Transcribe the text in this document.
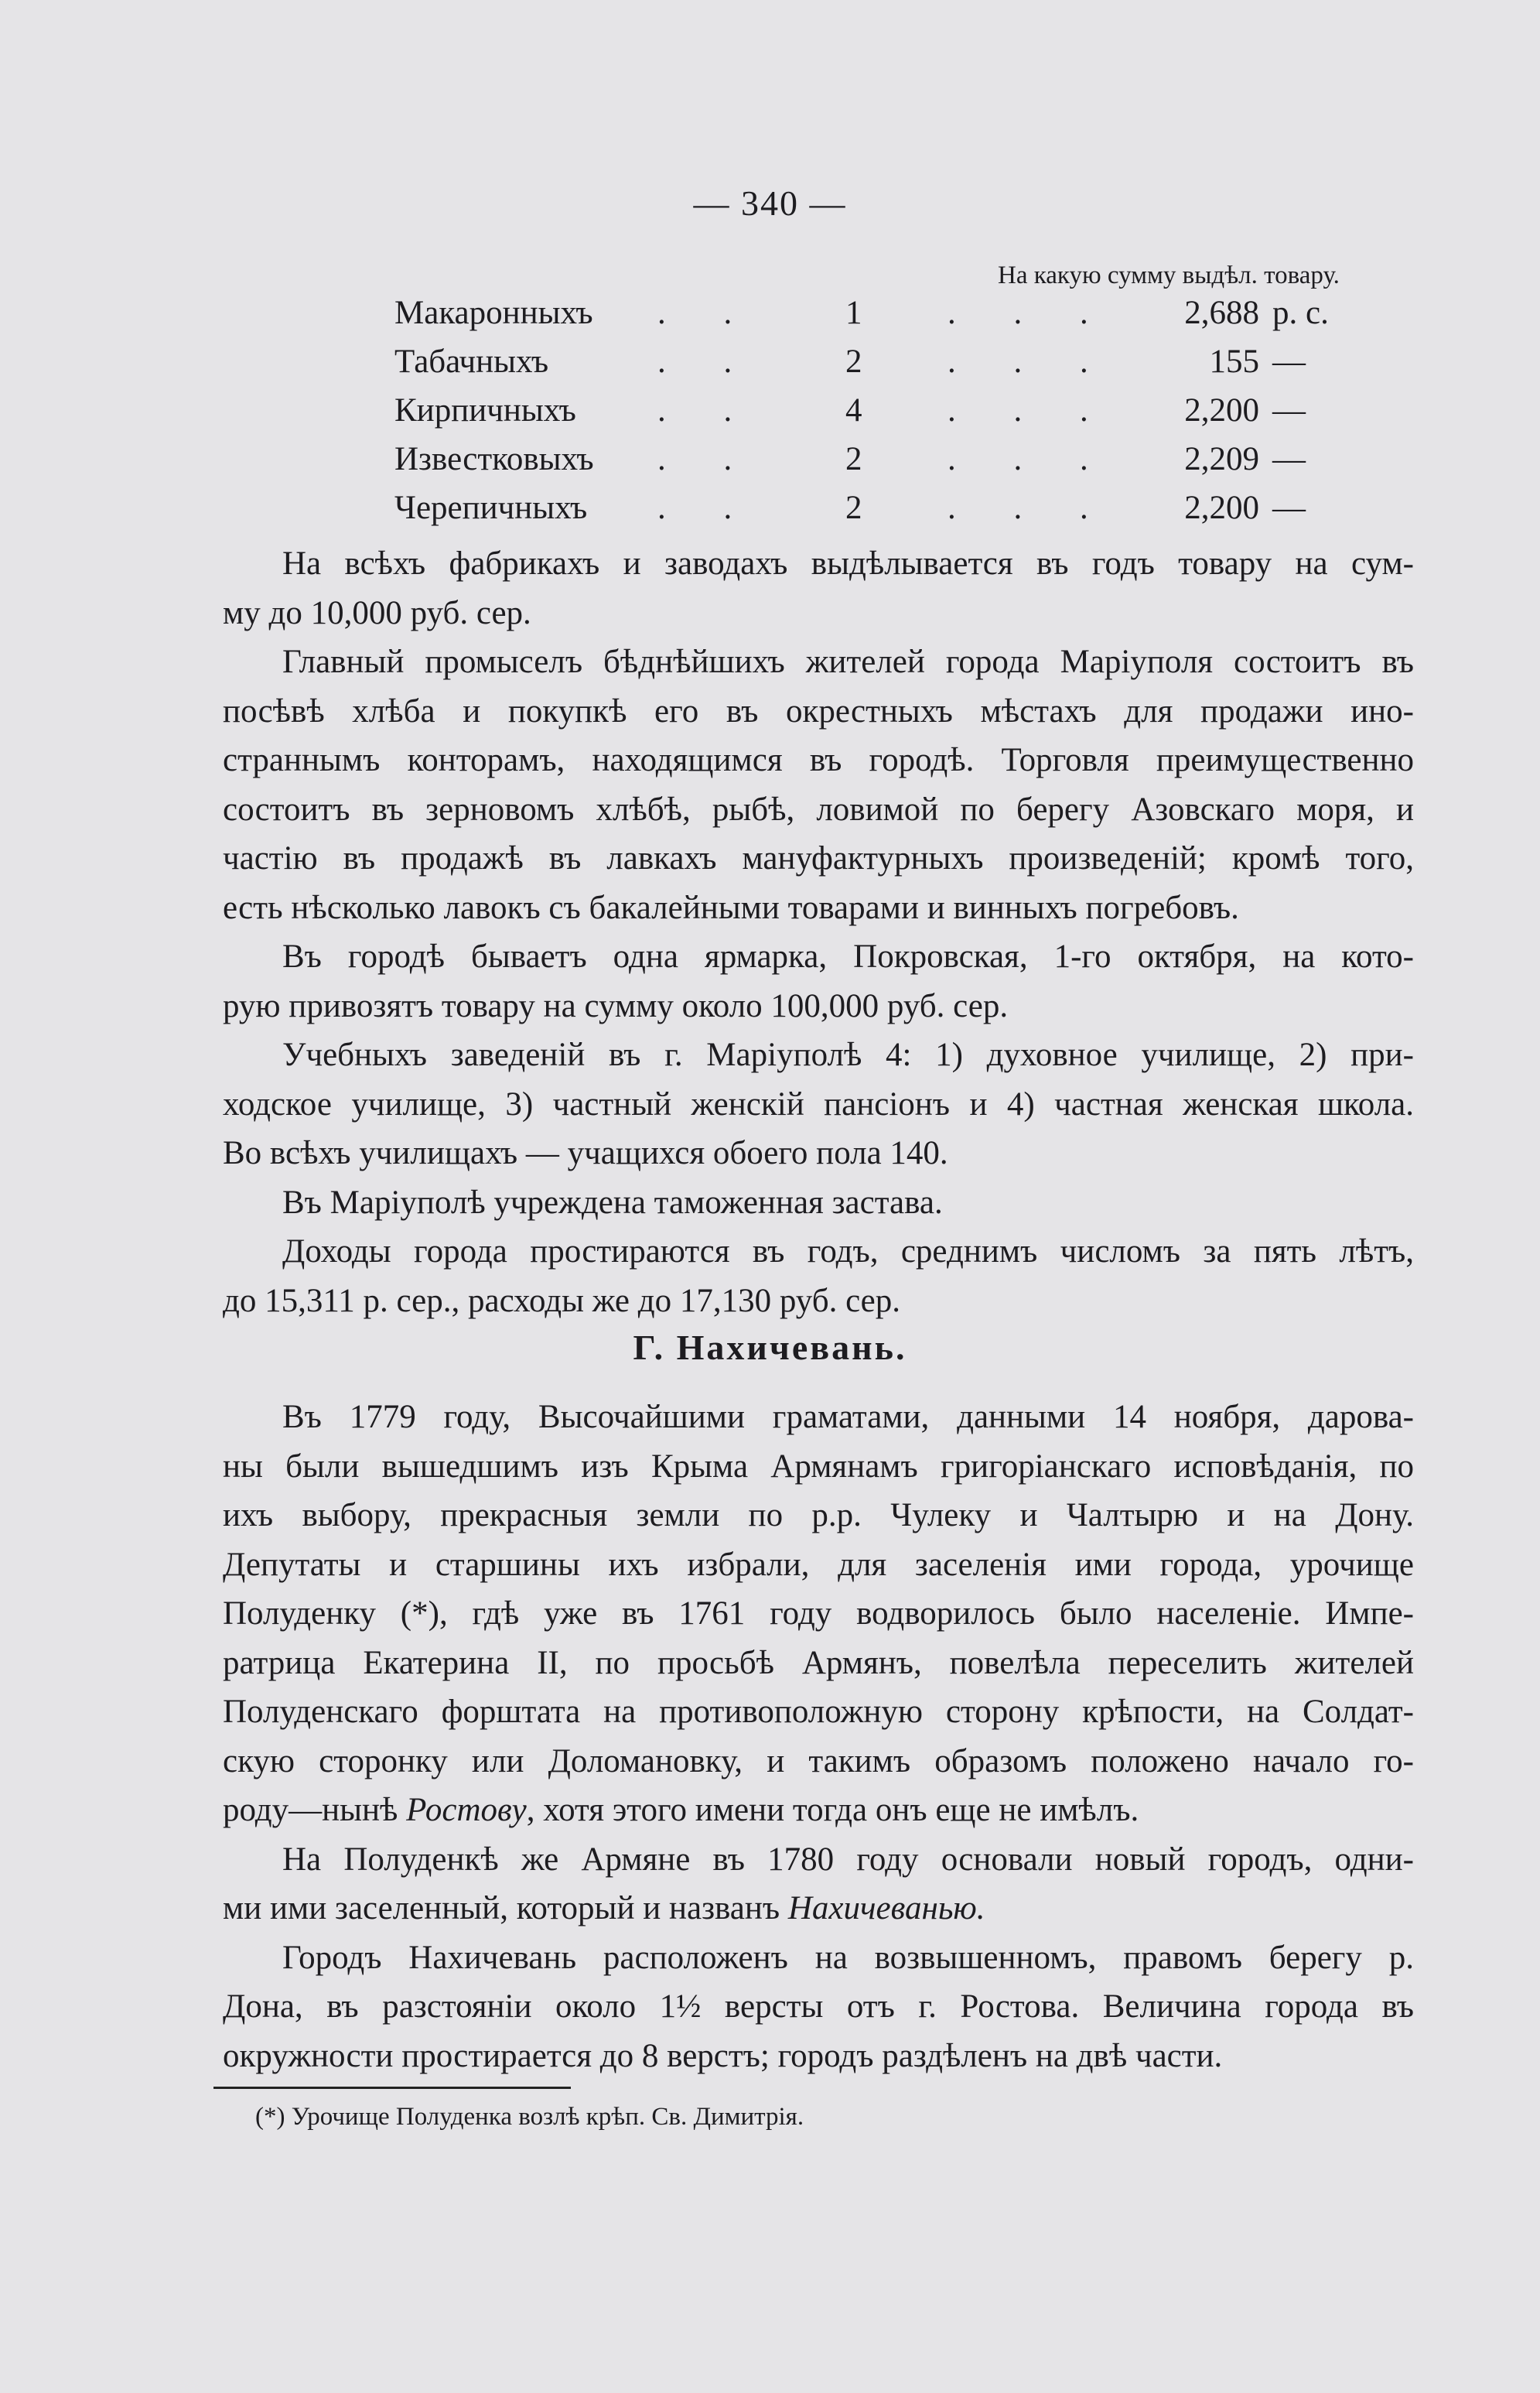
— 340 —
На какую сумму выдѣл. товару.
Макаронныхъ . .	1	. . .	2,688 р. с.
Табачныхъ	. .	2	. . .	155 —
Кирпичныхъ . .	4	. . .	2,200 —
Известковыхъ . .	2	. . .	2,209 —
Черепичныхъ . .	2	. . .	2,200 —

На всѣхъ фабрикахъ и заводахъ выдѣлывается въ годъ товару на сум-

му до 10,000 руб. сер.

Главный промыселъ бѣднѣйшихъ жителей города Маріуполя состоитъ въ

посѣвѣ хлѣба и покупкѣ его въ окрестныхъ мѣстахъ для продажи ино-

страннымъ конторамъ, находящимся въ городѣ. Торговля преимущественно

состоитъ въ зерновомъ хлѣбѣ, рыбѣ, ловимой по берегу Азовскаго моря, и

частію въ продажѣ въ лавкахъ мануфактурныхъ произведеній; кромѣ того,

есть нѣсколько лавокъ съ бакалейными товарами и винныхъ погребовъ.

Въ городѣ бываетъ одна ярмарка, Покровская, 1-го октября, на кото-

рую привозятъ товару на сумму около 100,000 руб. сер.

Учебныхъ заведеній въ г. Маріуполѣ 4: 1) духовное училище, 2) при-

ходское училище, 3) частный женскій пансіонъ и 4) частная женская школа.

Во всѣхъ училищахъ — учащихся обоего пола 140.

Въ Маріуполѣ учреждена таможенная застава.

Доходы города простираются въ годъ, среднимъ числомъ за пять лѣтъ,

до 15,311 р. сер., расходы же до 17,130 руб. сер.

Г. Нахичевань.

Въ 1779 году, Высочайшими граматами, данными 14 ноября, дарова-

ны были вышедшимъ изъ Крыма Армянамъ григоріанскаго исповѣданія, по

ихъ выбору, прекрасныя земли по р.р. Чулеку и Чалтырю и на Дону.

Депутаты и старшины ихъ избрали, для заселенія ими города, урочище

Полуденку (*), гдѣ уже въ 1761 году водворилось было населеніе. Импе-

ратрица Екатерина II, по просьбѣ Армянъ, повелѣла переселить жителей

Полуденскаго форштата на противоположную сторону крѣпости, на Солдат-

скую сторонку или Доломановку, и такимъ образомъ положено начало го-

роду—нынѣ Ростову, хотя этого имени тогда онъ еще не имѣлъ.

На Полуденкѣ же Армяне въ 1780 году основали новый городъ, одни-

ми ими заселенный, который и названъ Нахичеванью.

Городъ Нахичевань расположенъ на возвышенномъ, правомъ берегу р.

Дона, въ разстояніи около 1½ версты отъ г. Ростова. Величина города въ

окружности простирается до 8 верстъ; городъ раздѣленъ на двѣ части.

(*) Урочище Полуденка возлѣ крѣп. Св. Димитрія.
